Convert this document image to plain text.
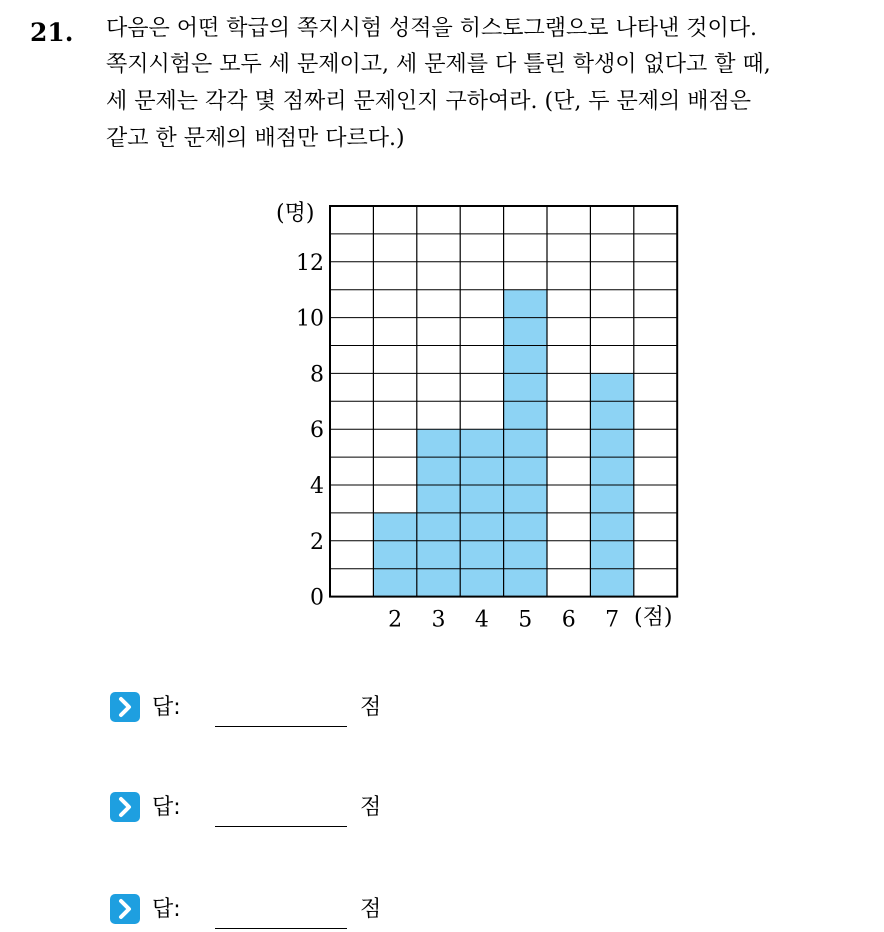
21. 다음은 어떤 학급의 쪽지시험 성적을 히스토그램으로 나타낸 것이다.
쪽지시험은 모두 세 문제이고, 세 문제를 다 틀린 학생이 없다고 할 때,
세 문제는 각각 몇 점짜리 문제인지 구하여라. (단, 두 문제의 배점은
같고 한 문제의 배점만 다르다.)
0
2
4
6
8
10
12
2 3 4 5 6 7
(명)
(점)
답:	점
답:	점
답:	점
